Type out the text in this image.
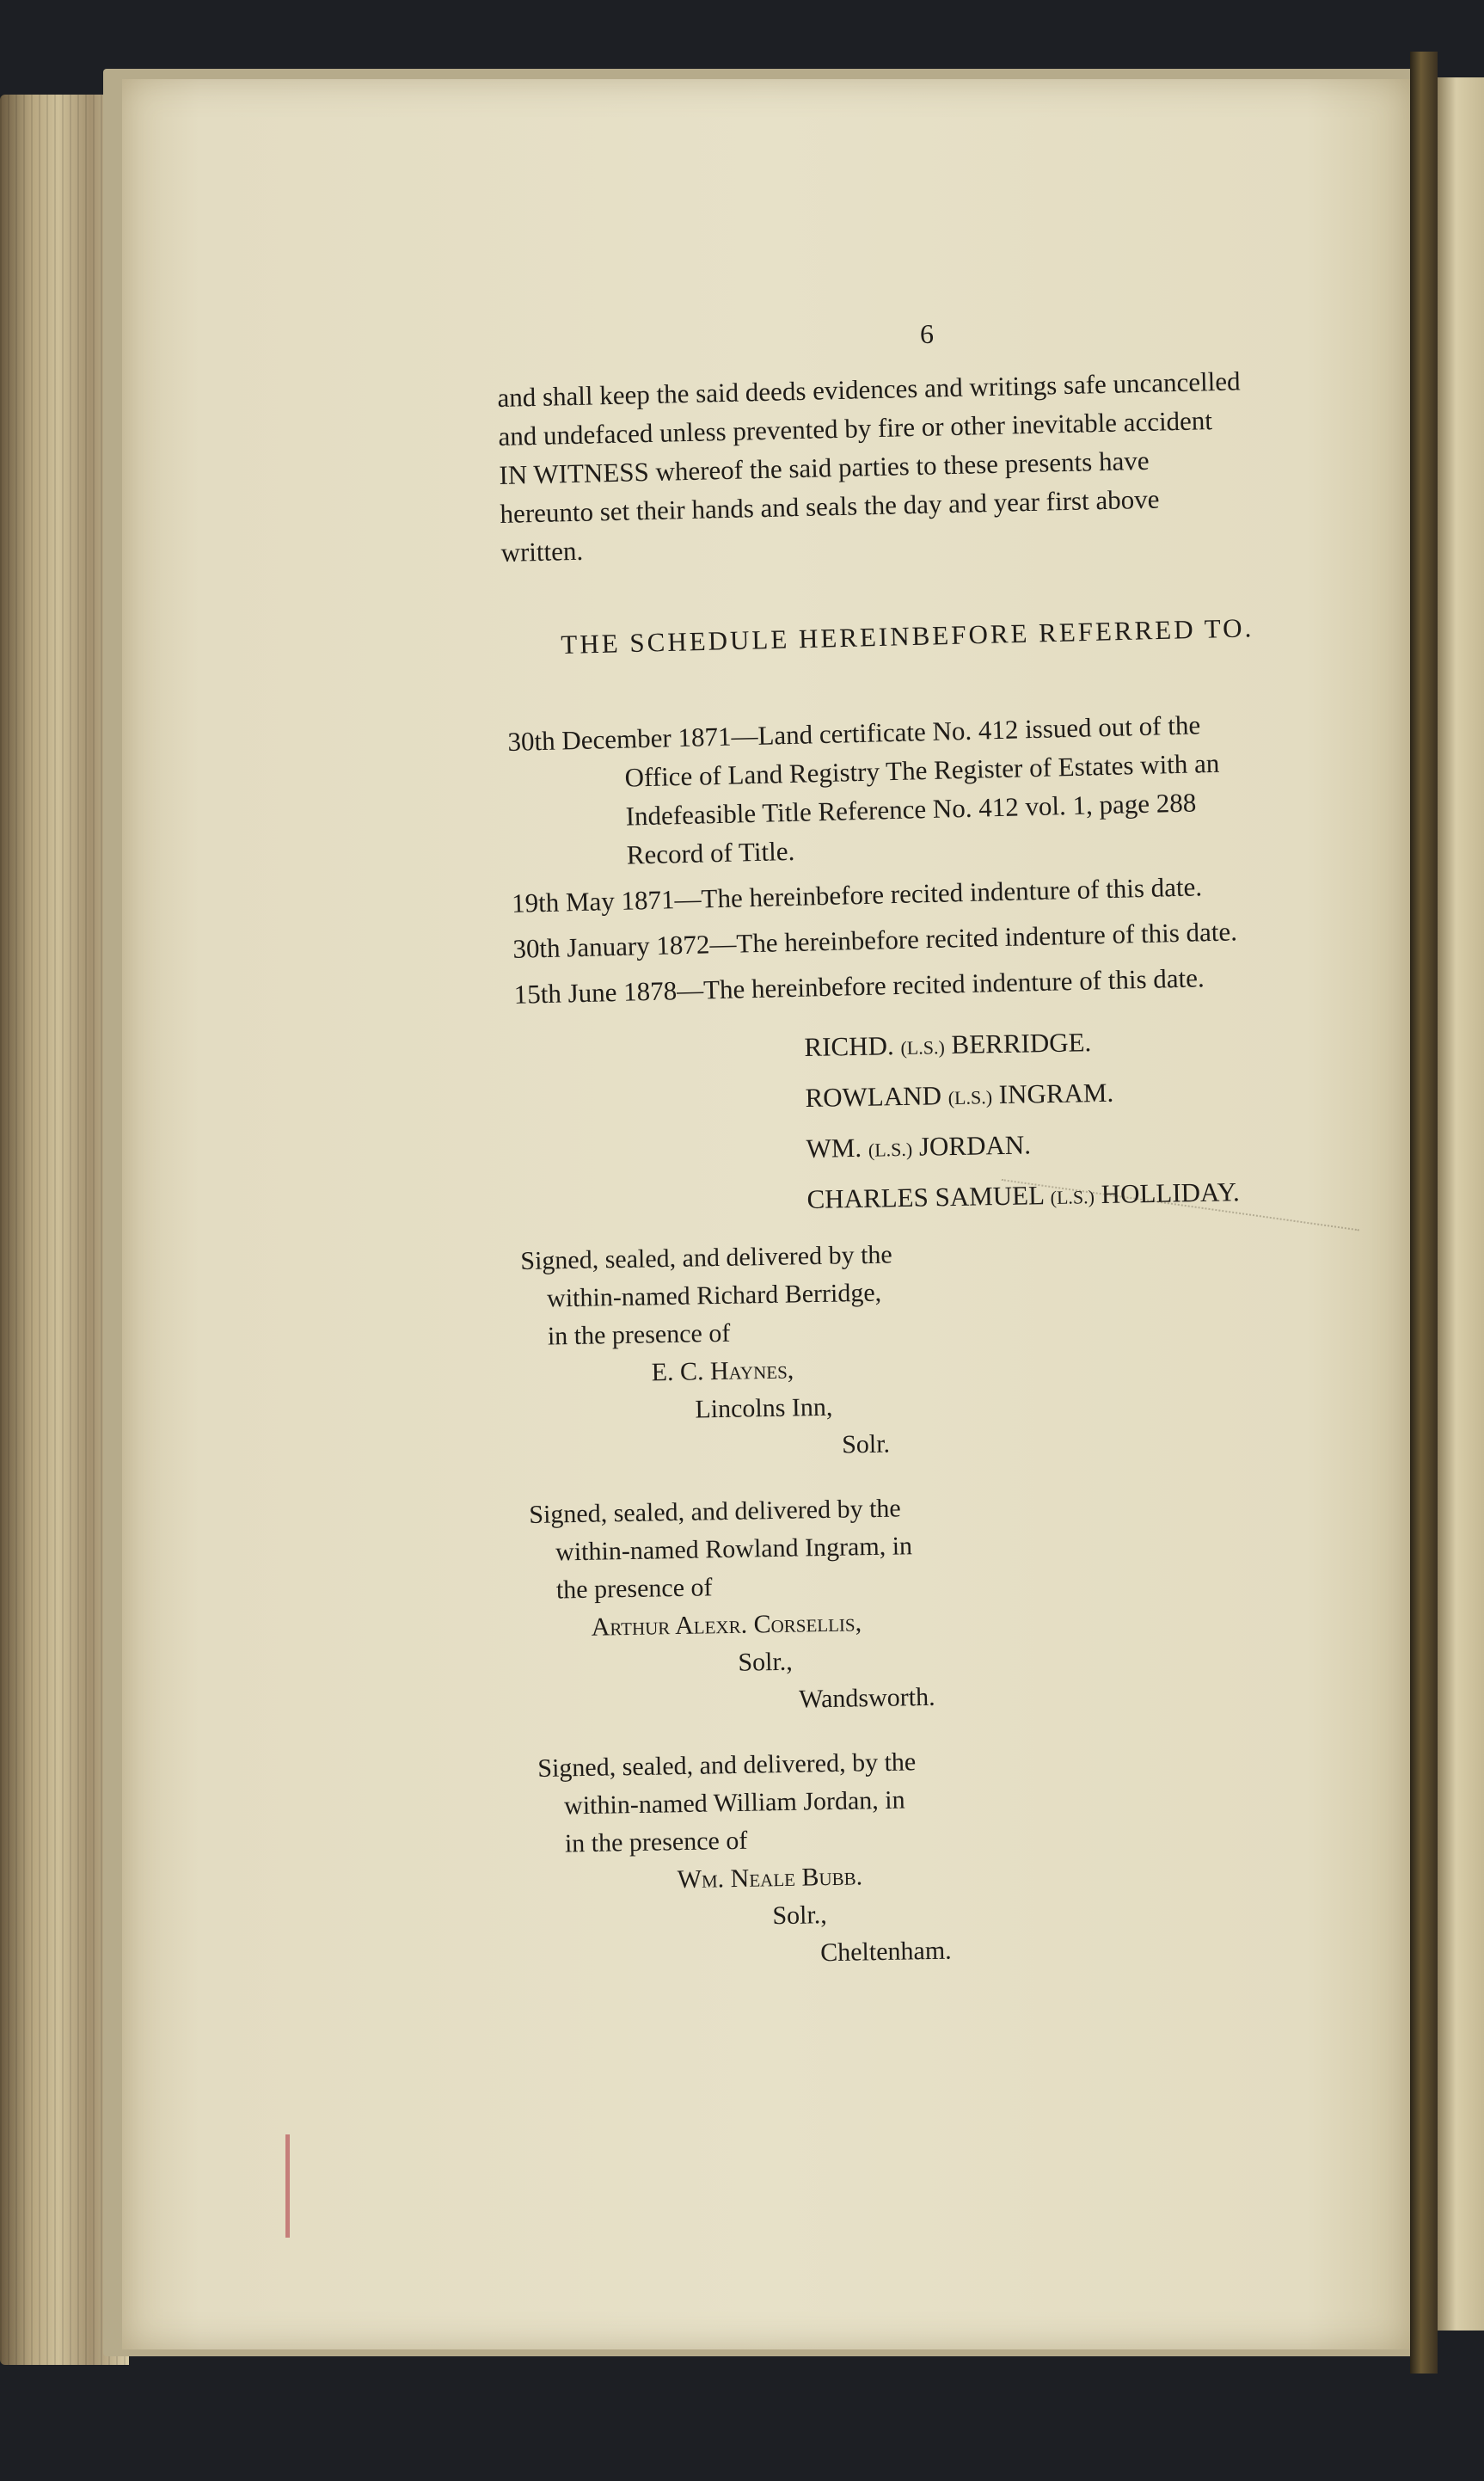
6
and shall keep the said deeds evidences and writings safe uncancelled
and undefaced unless prevented by fire or other inevitable accident
IN WITNESS whereof the said parties to these presents have
hereunto set their hands and seals the day and year first above
written.
THE SCHEDULE HEREINBEFORE REFERRED TO.
30th December 1871—Land certificate No. 412 issued out of the
Office of Land Registry The Register of Estates with an
Indefeasible Title Reference No. 412 vol. 1, page 288
Record of Title.
19th May 1871—The hereinbefore recited indenture of this date.
30th January 1872—The hereinbefore recited indenture of this date.
15th June 1878—The hereinbefore recited indenture of this date.
RICHD. (L.S.) BERRIDGE.
ROWLAND (L.S.) INGRAM.
WM. (L.S.) JORDAN.
CHARLES SAMUEL (L.S.) HOLLIDAY.
Signed, sealed, and delivered by the
within-named Richard Berridge,
in the presence of
E. C. Haynes,
Lincolns Inn,
Solr.
Signed, sealed, and delivered by the
within-named Rowland Ingram, in
the presence of
Arthur Alexr. Corsellis,
Solr.,
Wandsworth.
Signed, sealed, and delivered, by the
within-named William Jordan, in
in the presence of
Wm. Neale Bubb.
Solr.,
Cheltenham.
